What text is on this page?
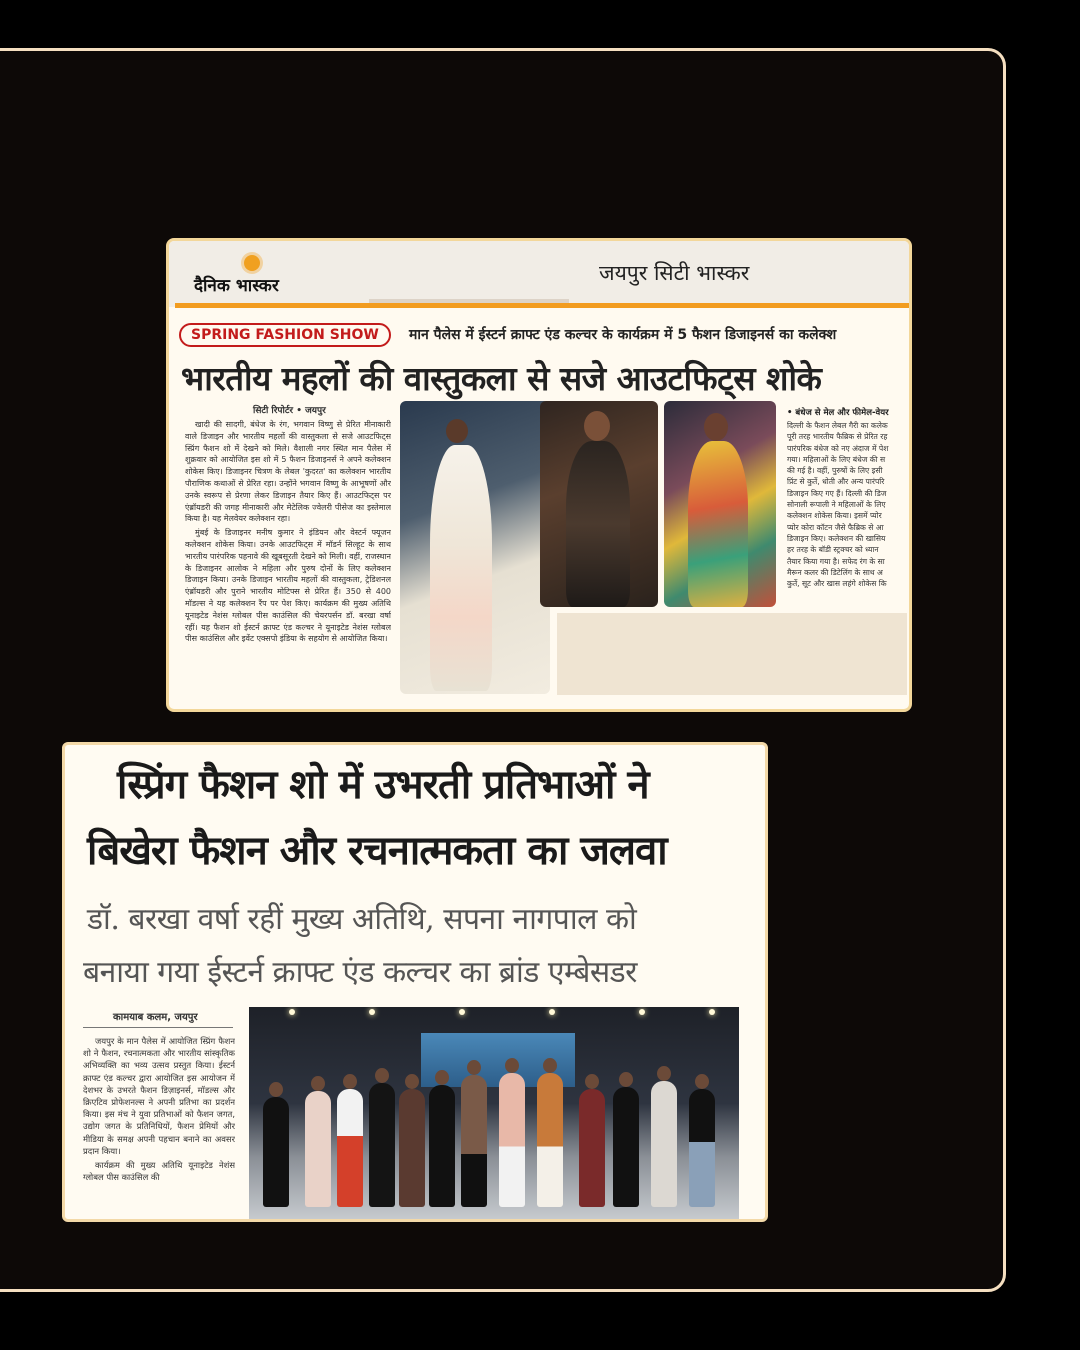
दैनिक भास्कर
जयपुर सिटी भास्कर
SPRING FASHION SHOW	मान पैलेस में ईस्टर्न क्राफ्ट एंड कल्चर के कार्यक्रम में 5 फैशन डिजाइनर्स का कलेक्श
भारतीय महलों की वास्तुकला से सजे आउटफिट्स शोके
सिटी रिपोर्टर • जयपुर

खादी की सादगी, बंधेज के रंग, भगवान विष्णु से प्रेरित मीनाकारी वाले डिजाइन और भारतीय महलों की वास्तुकला से सजे आउटफिट्स स्प्रिंग फैशन शो में देखने को मिले। वैशाली नगर स्थित मान पैलेस में शुक्रवार को आयोजित इस शो में 5 फैशन डिजाइनर्स ने अपने कलेक्शन शोकेस किए। डिजाइनर चित्रण के लेबल 'कुदरत' का कलेक्शन भारतीय पौराणिक कथाओं से प्रेरित रहा। उन्होंने भगवान विष्णु के आभूषणों और उनके स्वरूप से प्रेरणा लेकर डिजाइन तैयार किए हैं। आउटफिट्स पर एंब्रॉयडरी की जगह मीनाकारी और मेटेलिक ज्वेलरी पीसेज का इस्तेमाल किया है। यह मेलवेयर कलेक्शन रहा।

मुंबई के डिजाइनर मनीष कुमार ने इंडियन और वेस्टर्न फ्यूजन कलेक्शन शोकेस किया। उनके आउटफिट्स में मॉडर्न सिल्हूट के साथ भारतीय पारंपरिक पहनावे की खूबसूरती देखने को मिली। वहीं, राजस्थान के डिजाइनर आलोक ने महिला और पुरुष दोनों के लिए कलेक्शन डिजाइन किया। उनके डिजाइन भारतीय महलों की वास्तुकला, ट्रेडिशनल एंब्रॉयडरी और पुराने भारतीय मोटिफ्स से प्रेरित हैं। 350 से 400 मॉडल्स ने यह कलेक्शन रैंप पर पेश किए। कार्यक्रम की मुख्य अतिथि यूनाइटेड नेशंस ग्लोबल पीस काउंसिल की चेयरपर्सन डॉ. बरखा वर्षा रहीं। यह फैशन शो ईस्टर्न क्राफ्ट एंड कल्चर ने यूनाइटेड नेशंस ग्लोबल पीस काउंसिल और इवेंट एक्सपो इंडिया के सहयोग से आयोजित किया।

• बंधेज से मेल और फीमेल-वेयर
दिल्ली के फैशन लेबल गैरी का कलेक
पूरी तरह भारतीय फैब्रिक से प्रेरित रह
पारंपरिक बंधेज को नए अंदाज में पेश
गया। महिलाओं के लिए बंधेज की स
की गई है। वहीं, पुरुषों के लिए इसी
प्रिंट से कुर्ते, धोती और अन्य पारंपरि
डिजाइन किए गए हैं। दिल्ली की डिज
सोनाली रूपाली ने महिलाओं के लिए
कलेक्शन शोकेस किया। इसमें प्योर
प्योर कोरा कॉटन जैसे फैब्रिक से आ
डिजाइन किए। कलेक्शन की खासिय
हर तरह के बॉडी स्ट्रक्चर को ध्यान
तैयार किया गया है। सफेद रंग के सा
मैरून कलर की डिटेलिंग के साथ अ
कुर्ते, सूट और खास लहंगे शोकेस कि
स्प्रिंग फैशन शो में उभरती प्रतिभाओं ने
बिखेरा फैशन और रचनात्मकता का जलवा
डॉ. बरखा वर्षा रहीं मुख्य अतिथि, सपना नागपाल को
बनाया गया ईस्टर्न क्राफ्ट एंड कल्चर का ब्रांड एम्बेसडर
कामयाब कलम, जयपुर

जयपुर के मान पैलेस में आयोजित स्प्रिंग फैशन शो ने फैशन, रचनात्मकता और भारतीय सांस्कृतिक अभिव्यक्ति का भव्य उत्सव प्रस्तुत किया। ईस्टर्न क्राफ्ट एंड कल्चर द्वारा आयोजित इस आयोजन में देशभर के उभरते फैशन डिज़ाइनर्स, मॉडल्स और क्रिएटिव प्रोफेशनल्स ने अपनी प्रतिभा का प्रदर्शन किया। इस मंच ने युवा प्रतिभाओं को फैशन जगत, उद्योग जगत के प्रतिनिधियों, फैशन प्रेमियों और मीडिया के समक्ष अपनी पहचान बनाने का अवसर प्रदान किया।

कार्यक्रम की मुख्य अतिथि यूनाइटेड नेशंस ग्लोबल पीस काउंसिल की
